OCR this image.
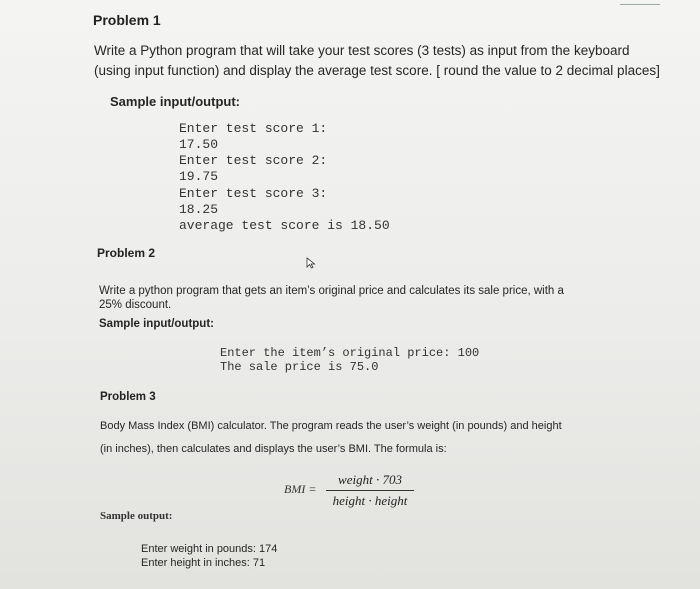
Problem 1
Write a Python program that will take your test scores (3 tests) as input from the keyboard
(using input function) and display the average test score. [ round the value to 2 decimal places]
Sample input/output:
Enter test score 1:
17.50
Enter test score 2:
19.75
Enter test score 3:
18.25
average test score is 18.50
Problem 2
Write a python program that gets an item’s original price and calculates its sale price, with a
25% discount.
Sample input/output:
Enter the item’s original price: 100
The sale price is 75.0
Problem 3
Body Mass Index (BMI) calculator. The program reads the user’s weight (in pounds) and height
(in inches), then calculates and displays the user’s BMI. The formula is:
BMI =
weight ∙ 703
height ∙ height
Sample output:
Enter weight in pounds: 174
Enter height in inches: 71
